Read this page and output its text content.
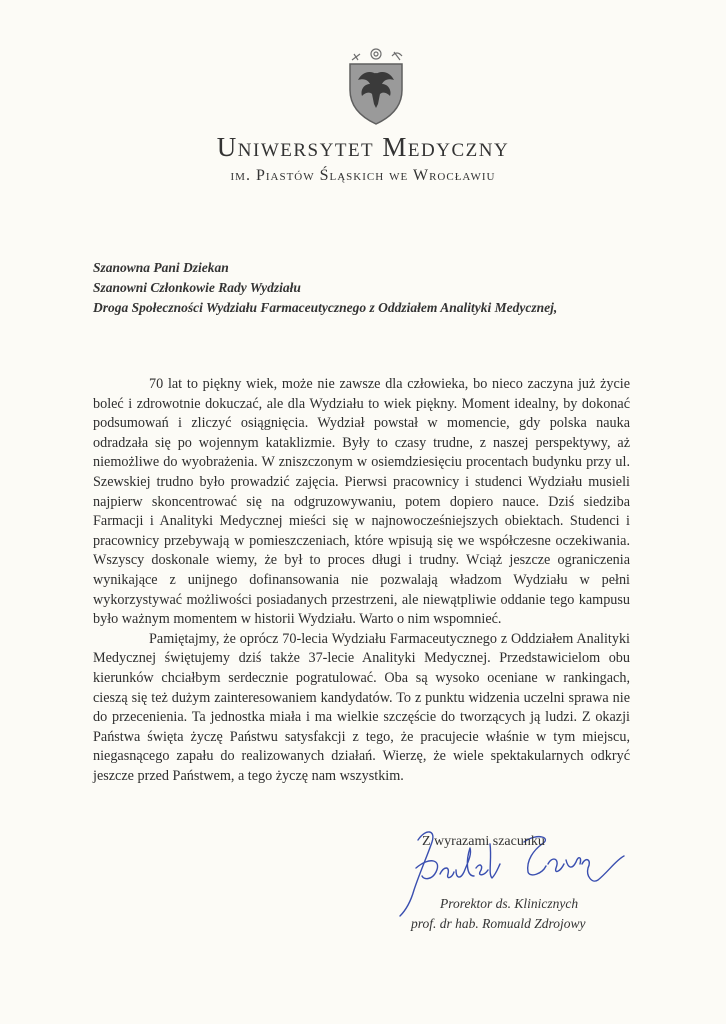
Uniwersytet Medyczny
im. Piastów Śląskich we Wrocławiu
Szanowna Pani Dziekan
Szanowni Członkowie Rady Wydziału
Droga Społeczności Wydziału Farmaceutycznego z Oddziałem Analityki Medycznej,

70 lat to piękny wiek, może nie zawsze dla człowieka, bo nieco zaczyna już życie boleć i zdrowotnie dokuczać, ale dla Wydziału to wiek piękny. Moment idealny, by dokonać podsumowań i zliczyć osiągnięcia. Wydział powstał w momencie, gdy polska nauka odradzała się po wojennym kataklizmie. Były to czasy trudne, z naszej perspektywy, aż niemożliwe do wyobrażenia. W zniszczonym w osiemdziesięciu procentach budynku przy ul. Szewskiej trudno było prowadzić zajęcia. Pierwsi pracownicy i studenci Wydziału musieli najpierw skoncentrować się na odgruzowywaniu, potem dopiero nauce. Dziś siedziba Farmacji i Analityki Medycznej mieści się w najnowocześniejszych obiektach. Studenci i pracownicy przebywają w pomieszczeniach, które wpisują się we współczesne oczekiwania. Wszyscy doskonale wiemy, że był to proces długi i trudny. Wciąż jeszcze ograniczenia wynikające z unijnego dofinansowania nie pozwalają władzom Wydziału w pełni wykorzystywać możliwości posiadanych przestrzeni, ale niewątpliwie oddanie tego kampusu było ważnym momentem w historii Wydziału. Warto o nim wspomnieć.

Pamiętajmy, że oprócz 70-lecia Wydziału Farmaceutycznego z Oddziałem Analityki Medycznej świętujemy dziś także 37-lecie Analityki Medycznej. Przedstawicielom obu kierunków chciałbym serdecznie pogratulować. Oba są wysoko oceniane w rankingach, cieszą się też dużym zainteresowaniem kandydatów. To z punktu widzenia uczelni sprawa nie do przecenienia. Ta jednostka miała i ma wielkie szczęście do tworzących ją ludzi. Z okazji Państwa święta życzę Państwu satysfakcji z tego, że pracujecie właśnie w tym miejscu, niegasnącego zapału do realizowanych działań. Wierzę, że wiele spektakularnych odkryć jeszcze przed Państwem, a tego życzę nam wszystkim.

Z wyrazami szacunku
Prorektor ds. Klinicznych
prof. dr hab. Romuald Zdrojowy
